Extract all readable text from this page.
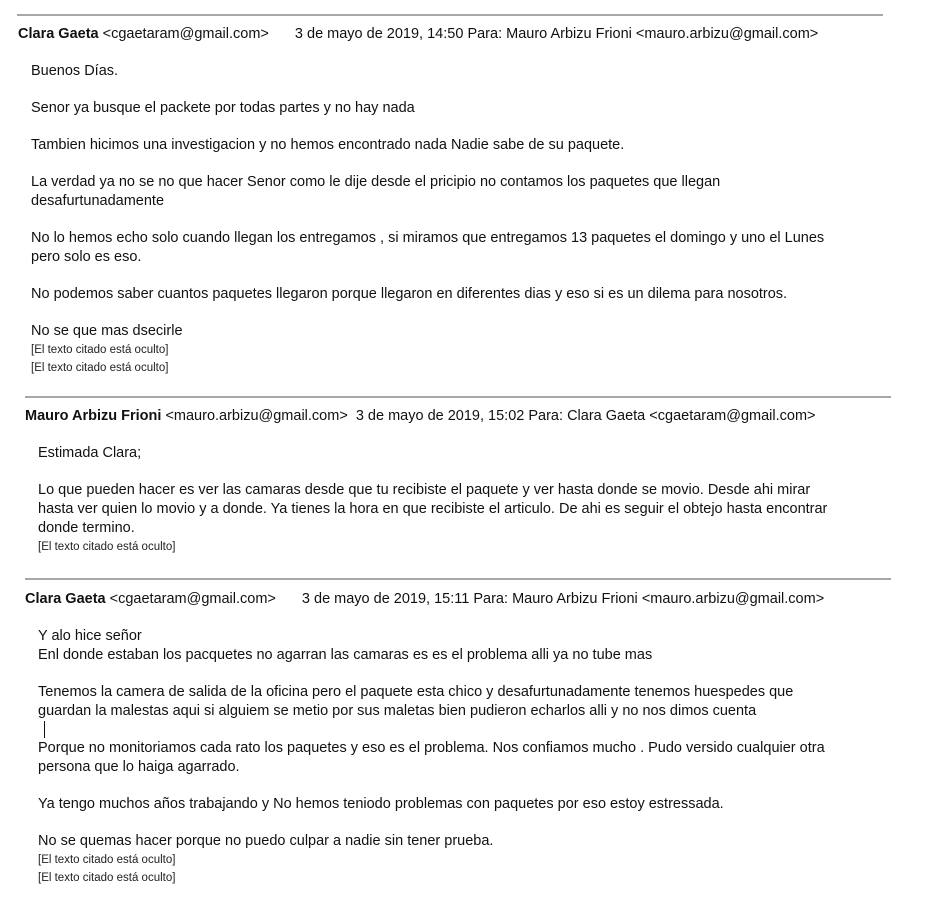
Clara Gaeta <cgaetaram@gmail.com> 3 de mayo de 2019, 14:50 Para: Mauro Arbizu Frioni <mauro.arbizu@gmail.com>

Buenos Días.

Senor ya busque el packete por todas partes y no hay nada

Tambien hicimos una investigacion y no hemos encontrado nada Nadie sabe de su paquete.

La verdad ya no se no que hacer Senor como le dije desde el pricipio no contamos los paquetes que llegan

desafurtunadamente

No lo hemos echo solo cuando llegan los entregamos , si miramos que entregamos 13 paquetes el domingo y uno el Lunes

pero solo es eso.

No podemos saber cuantos paquetes llegaron porque llegaron en diferentes dias y eso si es un dilema para nosotros.

No se que mas dsecirle

[El texto citado está oculto]
[El texto citado está oculto]
Mauro Arbizu Frioni <mauro.arbizu@gmail.com> 3 de mayo de 2019, 15:02 Para: Clara Gaeta <cgaetaram@gmail.com>

Estimada Clara;

Lo que pueden hacer es ver las camaras desde que tu recibiste el paquete y ver hasta donde se movio. Desde ahi mirar

hasta ver quien lo movio y a donde. Ya tienes la hora en que recibiste el articulo. De ahi es seguir el obtejo hasta encontrar

donde termino.

[El texto citado está oculto]
Clara Gaeta <cgaetaram@gmail.com> 3 de mayo de 2019, 15:11 Para: Mauro Arbizu Frioni <mauro.arbizu@gmail.com>

Y alo hice señor

Enl donde estaban los pacquetes no agarran las camaras es es el problema alli ya no tube mas

Tenemos la camera de salida de la oficina pero el paquete esta chico y desafurtunadamente tenemos huespedes que

guardan la malestas aqui si alguiem se metio por sus maletas bien pudieron echarlos alli y no nos dimos cuenta

Porque no monitoriamos cada rato los paquetes y eso es el problema. Nos confiamos mucho . Pudo versido cualquier otra

persona que lo haiga agarrado.

Ya tengo muchos años trabajando y No hemos teniodo problemas con paquetes por eso estoy estressada.

No se quemas hacer porque no puedo culpar a nadie sin tener prueba.

[El texto citado está oculto]
[El texto citado está oculto]
